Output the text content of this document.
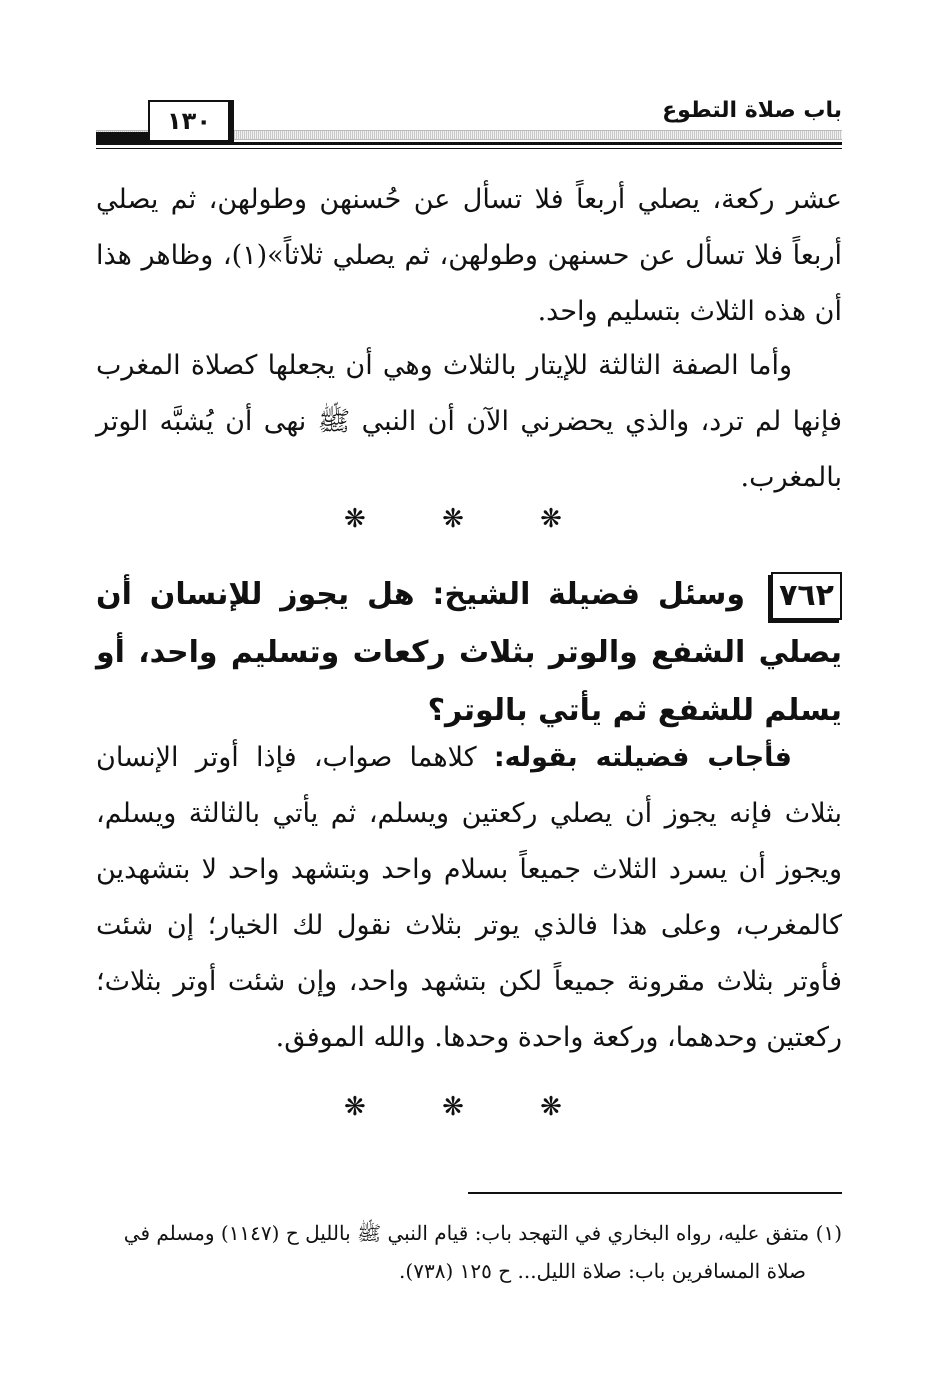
باب صلاة التطوع
١٣٠
عشر ركعة، يصلي أربعاً فلا تسأل عن حُسنهن وطولهن، ثم يصلي أربعاً فلا تسأل عن حسنهن وطولهن، ثم يصلي ثلاثاً»(١)، وظاهر هذا أن هذه الثلاث بتسليم واحد.
وأما الصفة الثالثة للإيتار بالثلاث وهي أن يجعلها كصلاة المغرب فإنها لم ترد، والذي يحضرني الآن أن النبي ﷺ نهى أن يُشبَّه الوتر بالمغرب.
❋ ❋ ❋
٧٦٢وسئل فضيلة الشيخ: هل يجوز للإنسان أن يصلي الشفع والوتر بثلاث ركعات وتسليم واحد، أو يسلم للشفع ثم يأتي بالوتر؟
فأجاب فضيلته بقوله: كلاهما صواب، فإذا أوتر الإنسان بثلاث فإنه يجوز أن يصلي ركعتين ويسلم، ثم يأتي بالثالثة ويسلم، ويجوز أن يسرد الثلاث جميعاً بسلام واحد وبتشهد واحد لا بتشهدين كالمغرب، وعلى هذا فالذي يوتر بثلاث نقول لك الخيار؛ إن شئت فأوتر بثلاث مقرونة جميعاً لكن بتشهد واحد، وإن شئت أوتر بثلاث؛ ركعتين وحدهما، وركعة واحدة وحدها. والله الموفق.
❋ ❋ ❋
(١) متفق عليه، رواه البخاري في التهجد باب: قيام النبي ﷺ بالليل ح (١١٤٧) ومسلم في
صلاة المسافرين باب: صلاة الليل... ح ١٢٥ (٧٣٨).
